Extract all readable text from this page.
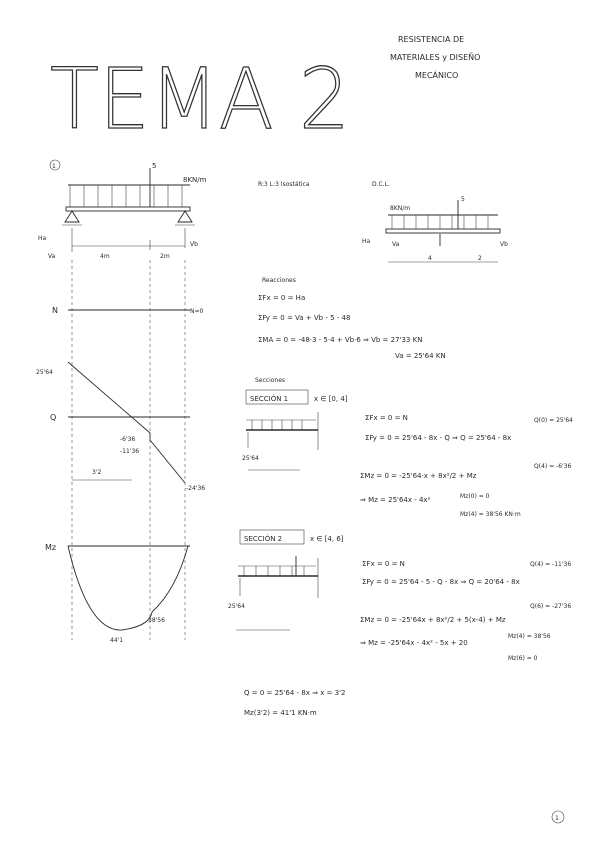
TEMA 2
RESISTENCIA DE
MATERIALES y DISEÑO
MECÁNICO
1	5
8KN/m
Ha
Va
Vb
4m	2m
N	N=0
Q
25'64
-6'36
-11'36
-24'36
3'2
Mz
44'1
38'56
R:3 L:3 Isostática	D.C.L.
8KN/m
5
Ha	Va	Vb
4	2
Reacciones
ΣFx = 0 = Ha
ΣFy = 0 = Va + Vb - 5 - 48
ΣMA = 0 = -48·3 - 5·4 + Vb·6 ⇒ Vb = 27'33 KN
Va = 25'64 KN
Secciones
SECCIÓN 1	x ∈ [0, 4]
25'64
ΣFx = 0 = N
ΣFy = 0 = 25'64 - 8x - Q ⇒ Q = 25'64 - 8x
Q(0) = 25'64
Q(4) = -6'36
ΣMz = 0 = -25'64·x + 8x²/2 + Mz
⇒ Mz = 25'64x - 4x²	Mz(0) = 0
Mz(4) = 38'56 KN·m
SECCIÓN 2	x ∈ [4, 6]
25'64
ΣFx = 0 = N
ΣFy = 0 = 25'64 - 5 - Q - 8x ⇒ Q = 20'64 - 8x
Q(4) = -11'36
Q(6) = -27'36
ΣMz = 0 = -25'64x + 8x²/2 + 5(x-4) + Mz
⇒ Mz = -25'64x - 4x² - 5x + 20
Mz(4) = 38'56
Mz(6) = 0
Q = 0 = 25'64 - 8x ⇒ x = 3'2
Mz(3'2) = 41'1 KN·m
1
